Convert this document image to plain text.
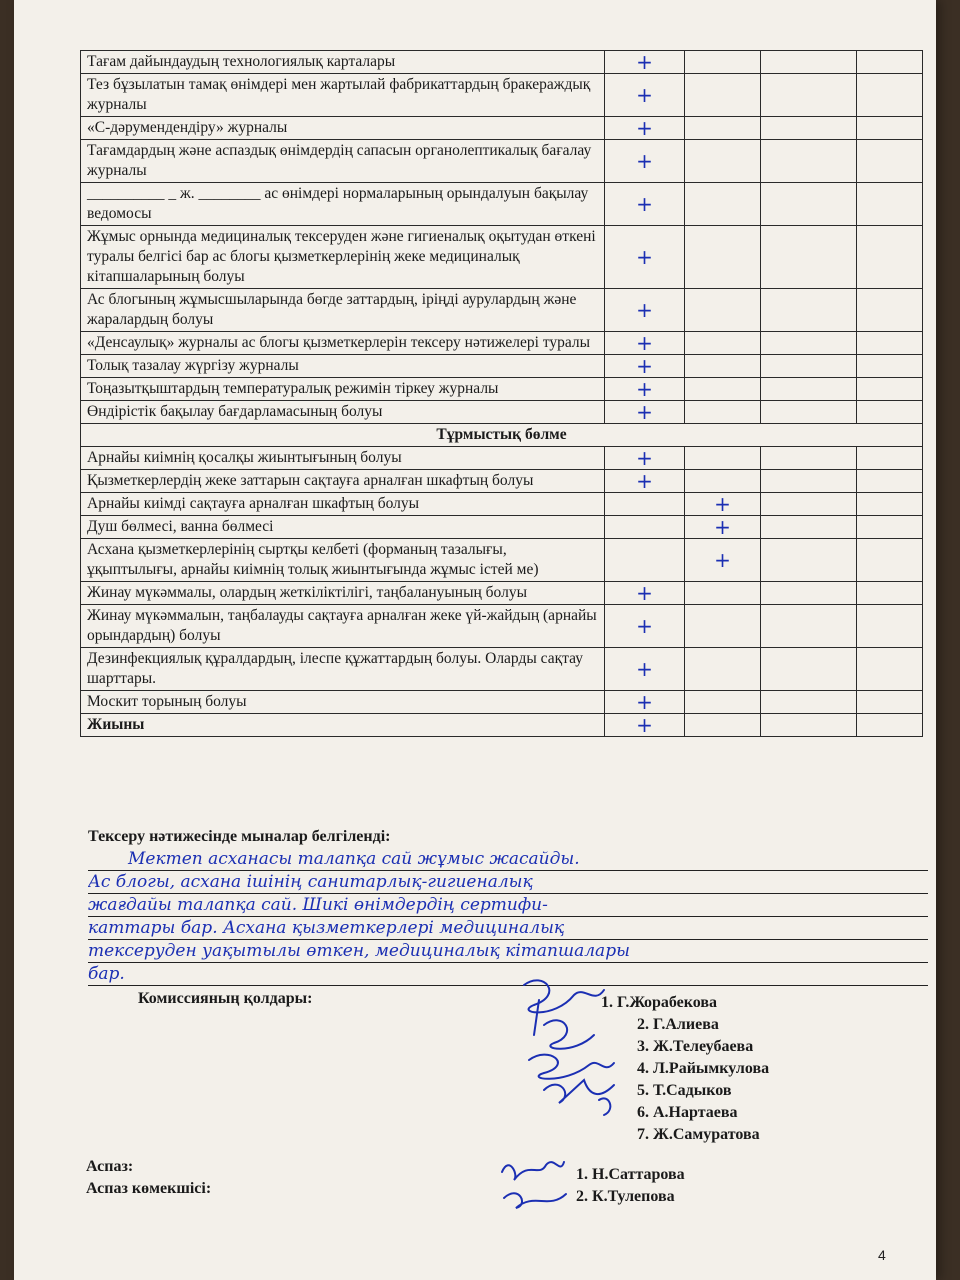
Тағам дайындаудың технологиялық карталары	+			
Тез бұзылатын тамақ өнімдері мен жартылай фабрикаттардың бракераждық журналы	+			
«С-дәрумендендіру» журналы	+			
Тағамдардың және аспаздық өнімдердің сапасын органолептикалық бағалау журналы	+			
__________ _ ж. ________ ас өнімдері нормаларының орындалуын бақылау ведомосы	+			
Жұмыс орнында медициналық тексеруден және гигиеналық оқытудан өткені туралы белгісі бар ас блогы қызметкерлерінің жеке медициналық кітапшаларының болуы	+			
Ас блогының жұмысшыларында бөгде заттардың, іріңді аурулардың және жаралардың болуы	+			
«Денсаулық» журналы ас блогы қызметкерлерін тексеру нәтижелері туралы	+			
Толық тазалау жүргізу журналы	+			
Тоңазытқыштардың температуралық режимін тіркеу журналы	+			
Өндірістік бақылау бағдарламасының болуы	+			
Тұрмыстық бөлме				
Арнайы киімнің қосалқы жиынтығының болуы	+			
Қызметкерлердің жеке заттарын сақтауға арналған шкафтың болуы	+			
Арнайы киімді сақтауға арналған шкафтың болуы		+		
Душ бөлмесі, ванна бөлмесі		+		
Асхана қызметкерлерінің сыртқы келбеті (форманың тазалығы, ұқыптылығы, арнайы киімнің толық жиынтығында жұмыс істей ме)		+		
Жинау мүкәммалы, олардың жеткіліктілігі, таңбалануының болуы	+			
Жинау мүкәммалын, таңбалауды сақтауға арналған жеке үй-жайдың (арнайы орындардың) болуы	+			
Дезинфекциялық құралдардың, ілеспе құжаттардың болуы. Оларды сақтау шарттары.	+			
Москит торының болуы	+			
Жиыны	+			
Тексеру нәтижесінде мыналар белгіленді:
Мектеп асханасы талапқа сай жұмыс жасайды.
Ас блогы, асхана ішінің санитарлық-гигиеналық
жағдайы талапқа сай. Шикі өнімдердің сертифи-
каттары бар. Асхана қызметкерлері медициналық
тексеруден уақытылы өткен, медициналық кітапшалары
бар.
Комиссияның қолдары:	1. Г.Жорабекова
2. Г.Алиева
3. Ж.Телеубаева
4. Л.Райымкулова
5. Т.Садыков
6. А.Нартаева
7. Ж.Самуратова
Аспаз:
Аспаз көмекшісі:
1. Н.Саттарова
2. К.Тулепова
4
